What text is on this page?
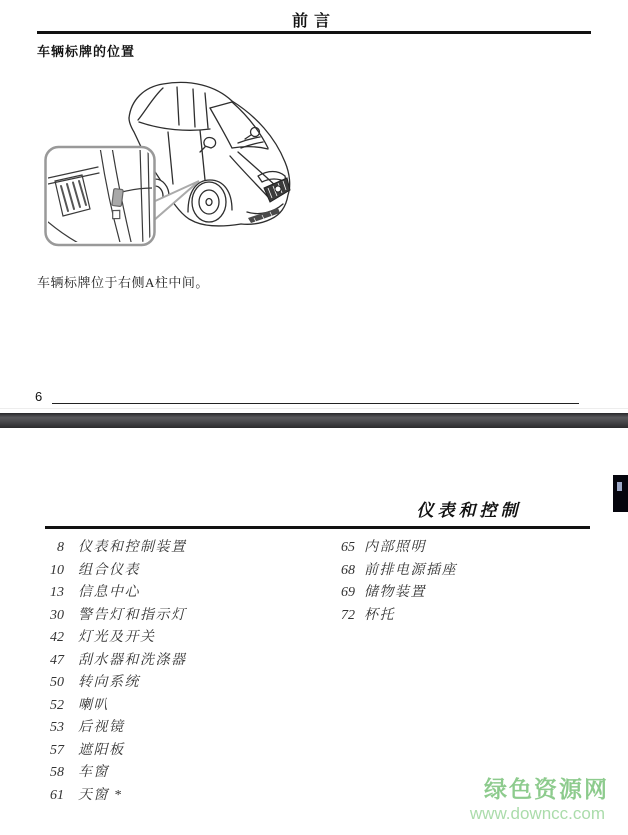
前言
车辆标牌的位置
车辆标牌位于右侧A柱中间。
6
仪表和控制
8 仪表和控制装置
10 组合仪表
13 信息中心
30 警告灯和指示灯
42 灯光及开关
47 刮水器和洗涤器
50 转向系统
52 喇叭
53 后视镜
57 遮阳板
58 车窗
61 天窗 *
65 内部照明
68 前排电源插座
69 储物装置
72 杯托
绿色资源网
www.downcc.com
